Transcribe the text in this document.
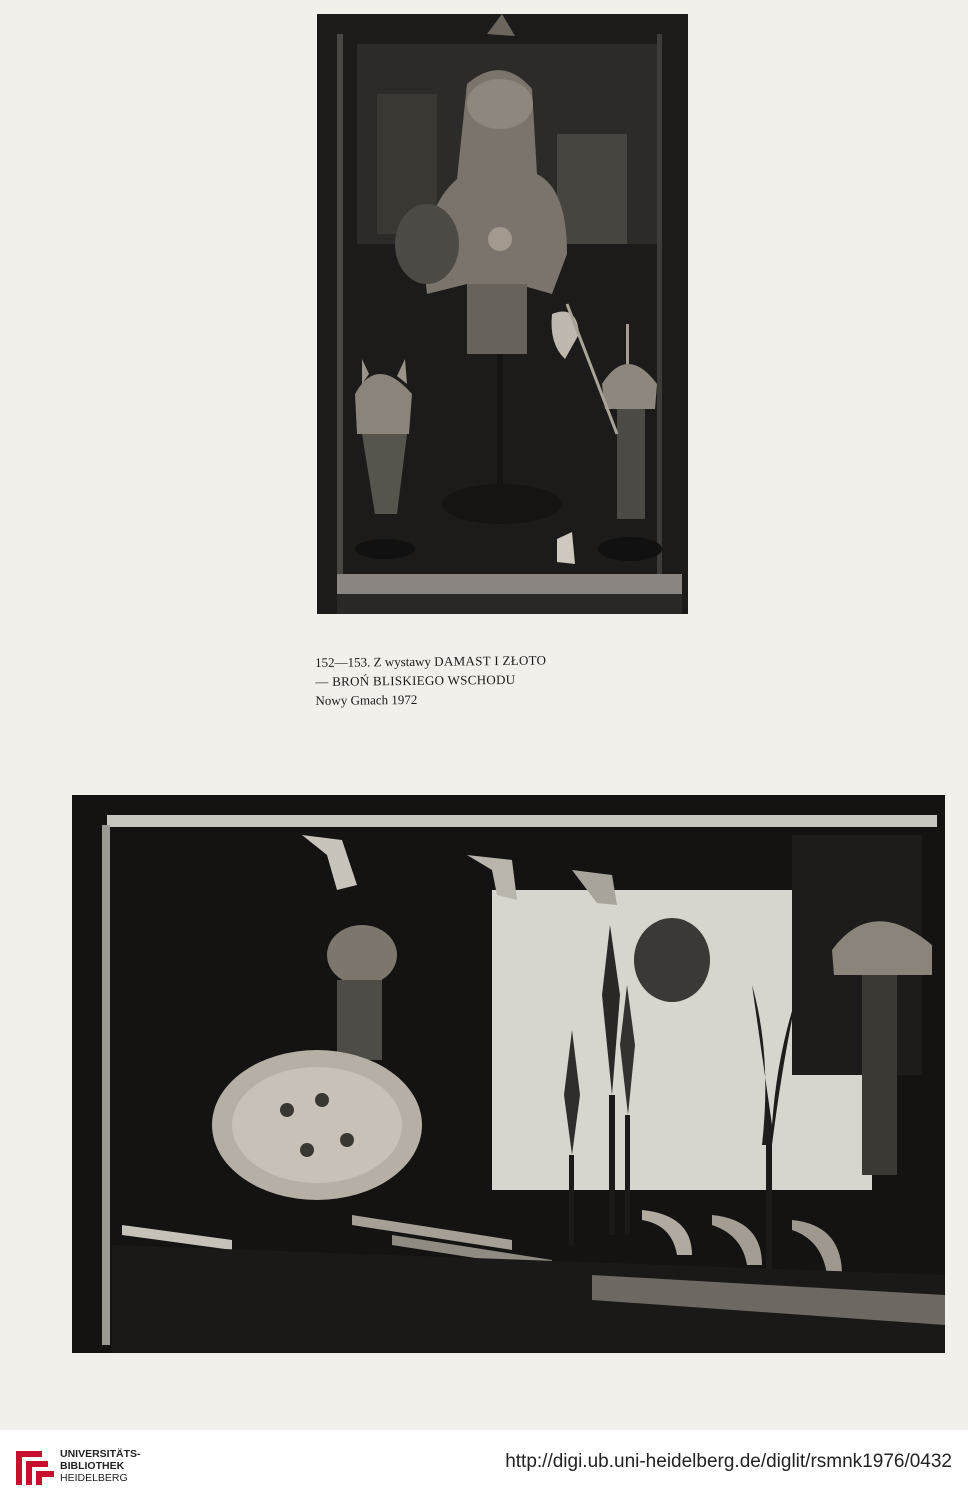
152—153. Z wystawy DAMAST I ZŁOTO
— BROŃ BLISKIEGO WSCHODU
Nowy Gmach 1972
UNIVERSITÄTS-
BIBLIOTHEK
HEIDELBERG
http://digi.ub.uni-heidelberg.de/diglit/rsmnk1976/0432
